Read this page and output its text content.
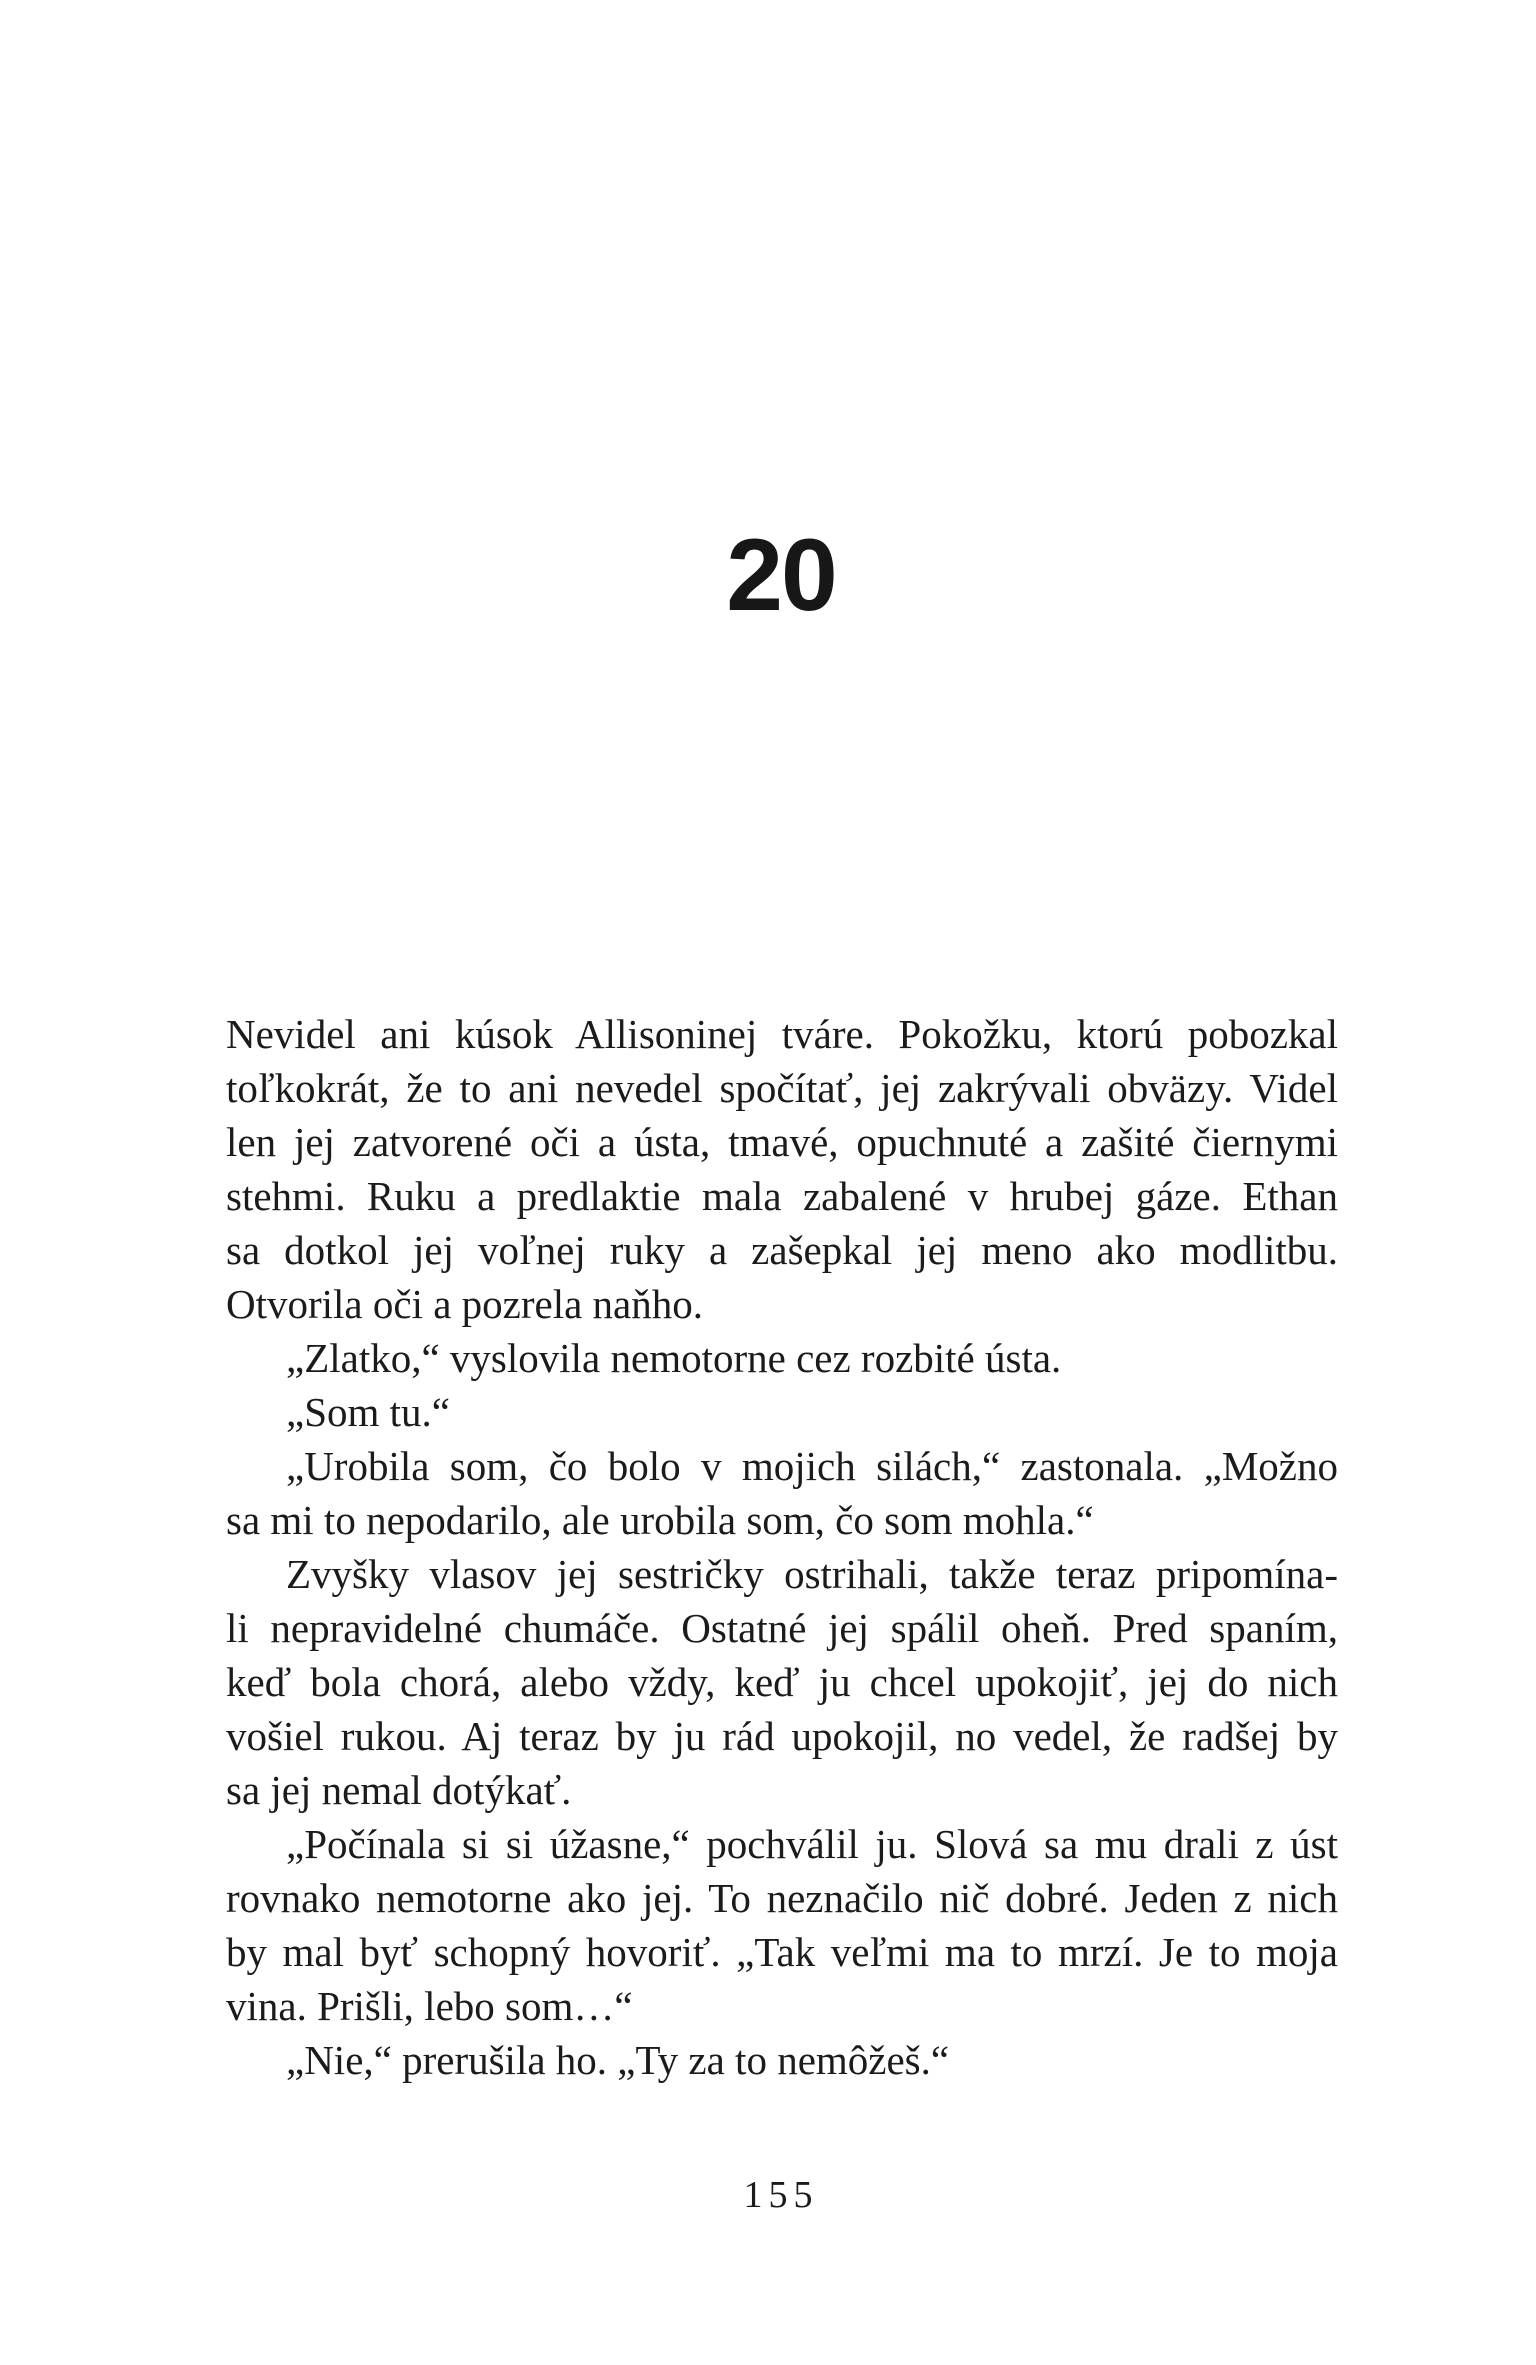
20
Nevidel ani kúsok Allisoninej tváre. Pokožku, ktorú pobozkal
toľkokrát, že to ani nevedel spočítať, jej zakrývali obväzy. Videl
len jej zatvorené oči a ústa, tmavé, opuchnuté a zašité čiernymi
stehmi. Ruku a predlaktie mala zabalené v hrubej gáze. Ethan
sa dotkol jej voľnej ruky a zašepkal jej meno ako modlitbu.
Otvorila oči a pozrela naňho.
„Zlatko,“ vyslovila nemotorne cez rozbité ústa.
„Som tu.“
„Urobila som, čo bolo v mojich silách,“ zastonala. „Možno
sa mi to nepodarilo, ale urobila som, čo som mohla.“
Zvyšky vlasov jej sestričky ostrihali, takže teraz pripomína-
li nepravidelné chumáče. Ostatné jej spálil oheň. Pred spaním,
keď bola chorá, alebo vždy, keď ju chcel upokojiť, jej do nich
vošiel rukou. Aj teraz by ju rád upokojil, no vedel, že radšej by
sa jej nemal dotýkať.
„Počínala si si úžasne,“ pochválil ju. Slová sa mu drali z úst
rovnako nemotorne ako jej. To neznačilo nič dobré. Jeden z nich
by mal byť schopný hovoriť. „Tak veľmi ma to mrzí. Je to moja
vina. Prišli, lebo som…“
„Nie,“ prerušila ho. „Ty za to nemôžeš.“
155
